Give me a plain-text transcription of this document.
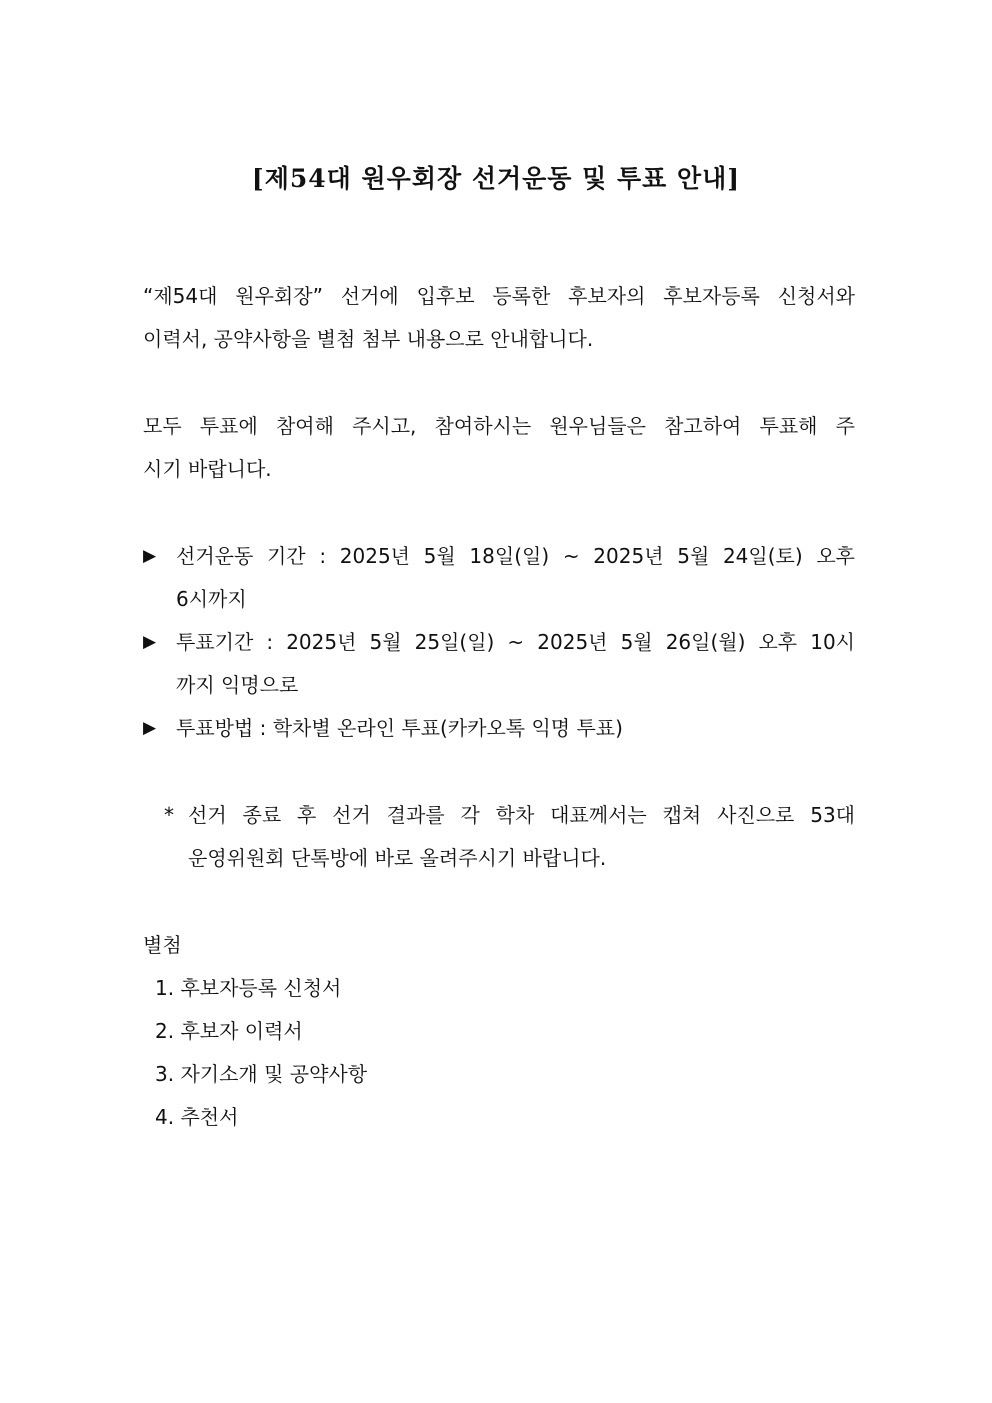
[제54대 원우회장 선거운동 및 투표 안내]
“제54대 원우회장” 선거에 입후보 등록한 후보자의 후보자등록 신청서와
이력서, 공약사항을 별첨 첨부 내용으로 안내합니다.
모두 투표에 참여해 주시고, 참여하시는 원우님들은 참고하여 투표해 주
시기 바랍니다.
▶ 선거운동 기간 : 2025년 5월 18일(일) ~ 2025년 5월 24일(토) 오후
6시까지
▶ 투표기간 : 2025년 5월 25일(일) ~ 2025년 5월 26일(월) 오후 10시
까지 익명으로
▶ 투표방법 : 학차별 온라인 투표(카카오톡 익명 투표)
* 선거 종료 후 선거 결과를 각 학차 대표께서는 캡쳐 사진으로 53대
운영위원회 단톡방에 바로 올려주시기 바랍니다.
별첨
1. 후보자등록 신청서
2. 후보자 이력서
3. 자기소개 및 공약사항
4. 추천서
